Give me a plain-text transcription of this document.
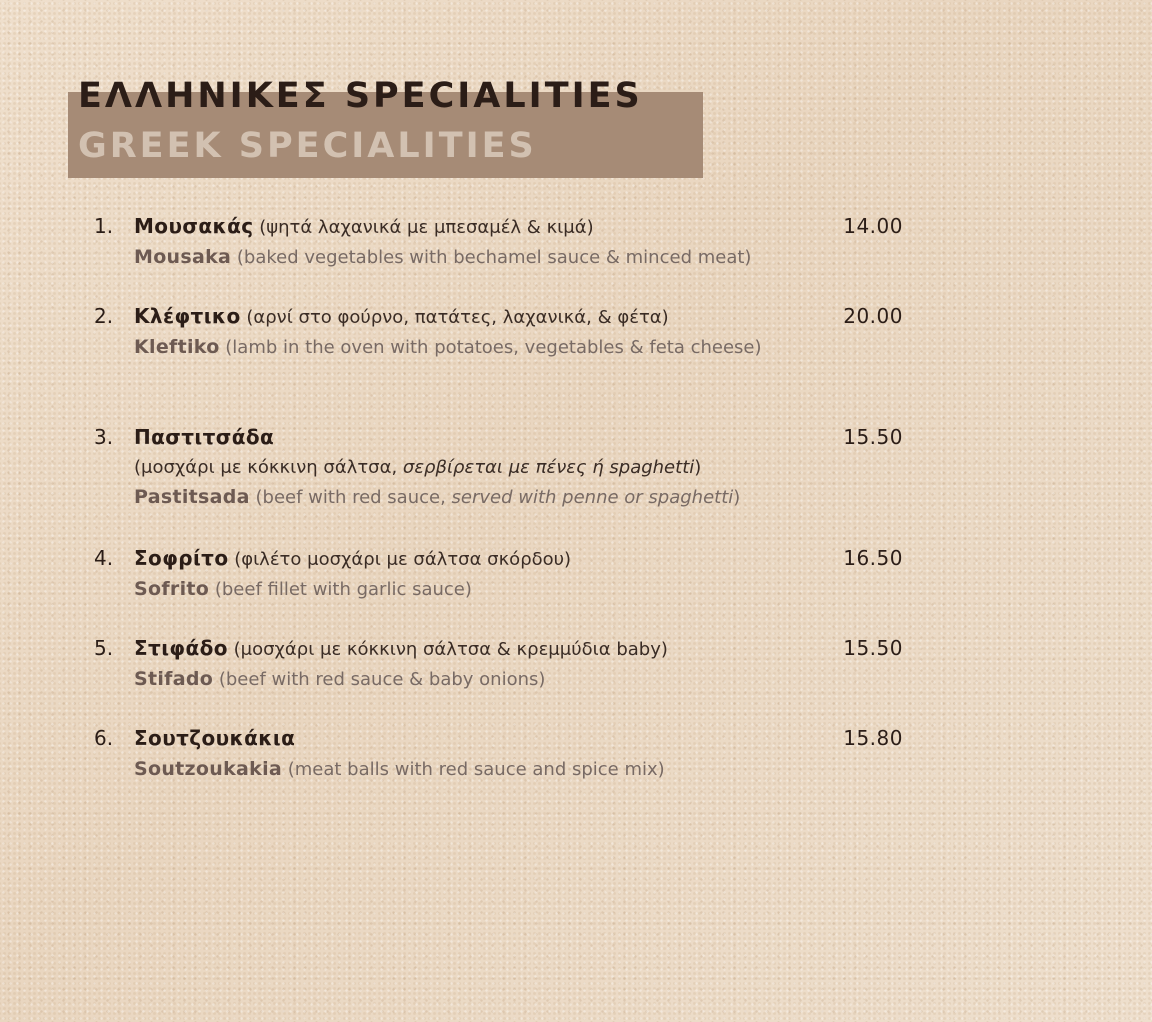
ΕΛΛΗΝΙΚΕΣ SPECIALITIES
GREEK SPECIALITIES
1.	Μουσακάς (ψητά λαχανικά με μπεσαμέλ & κιμά)
Mousaka (baked vegetables with bechamel sauce & minced meat)
14.00
2.	Κλέφτικο (αρνί στο φούρνο, πατάτες, λαχανικά, & φέτα)
Kleftiko (lamb in the oven with potatoes, vegetables & feta cheese)
20.00
3.	Παστιτσάδα
(μοσχάρι με κόκκινη σάλτσα, σερβίρεται με πένες ή spaghetti)
Pastitsada (beef with red sauce, served with penne or spaghetti)
15.50
4.	Σοφρίτο (φιλέτο μοσχάρι με σάλτσα σκόρδου)
Sofrito (beef fillet with garlic sauce)
16.50
5.	Στιφάδο (μοσχάρι με κόκκινη σάλτσα & κρεμμύδια baby)
Stifado (beef with red sauce & baby onions)
15.50
6.	Σουτζουκάκια
Soutzoukakia (meat balls with red sauce and spice mix)
15.80
